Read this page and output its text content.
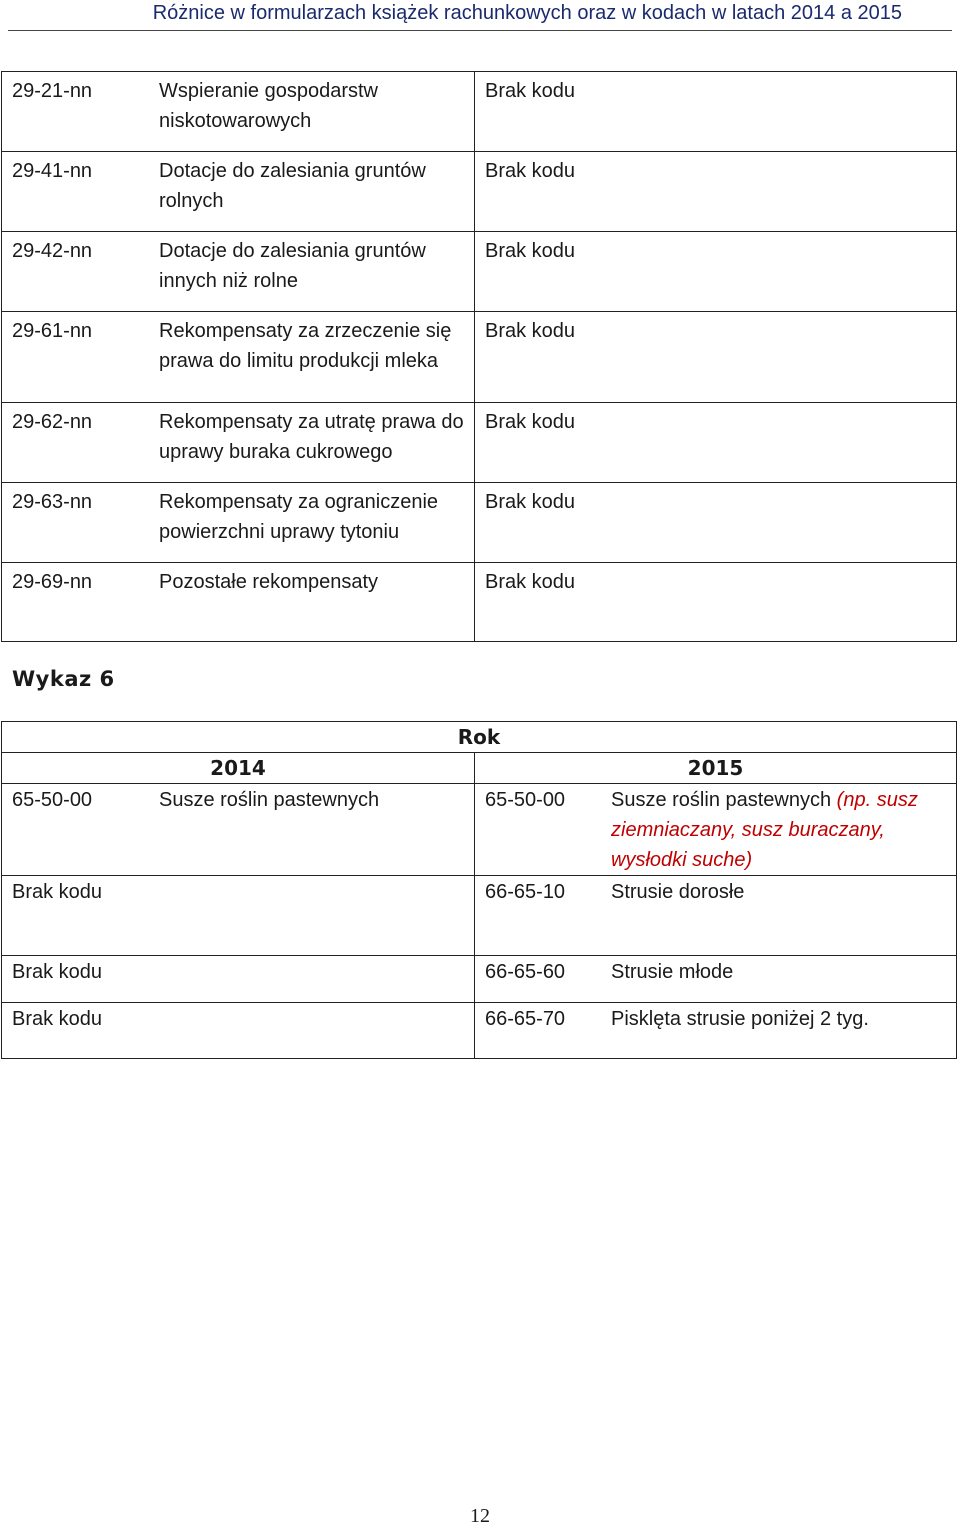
Różnice w formularzach książek rachunkowych oraz w kodach w latach 2014 a 2015
29-21-nn Wspieranie gospodarstw niskotowarowych	Brak kodu

29-41-nn Dotacje do zalesiania gruntów rolnych	Brak kodu

29-42-nn Dotacje do zalesiania gruntów innych niż rolne	Brak kodu

29-61-nn Rekompensaty za zrzeczenie się prawa do limitu produkcji mleka	Brak kodu

29-62-nn Rekompensaty za utratę prawa do uprawy buraka cukrowego	Brak kodu

29-63-nn Rekompensaty za ograniczenie powierzchni uprawy tytoniu	Brak kodu

29-69-nn Pozostałe rekompensaty	Brak kodu
Wykaz 6
Rok	

2014	2015

65-50-00 Susze roślin pastewnych	65-50-00 Susze roślin pastewnych (np. susz ziemniaczany, susz buraczany, wysłodki suche)

Brak kodu	66-65-10 Strusie dorosłe

Brak kodu	66-65-60 Strusie młode

Brak kodu	66-65-70 Pisklęta strusie poniżej 2 tyg.
12
